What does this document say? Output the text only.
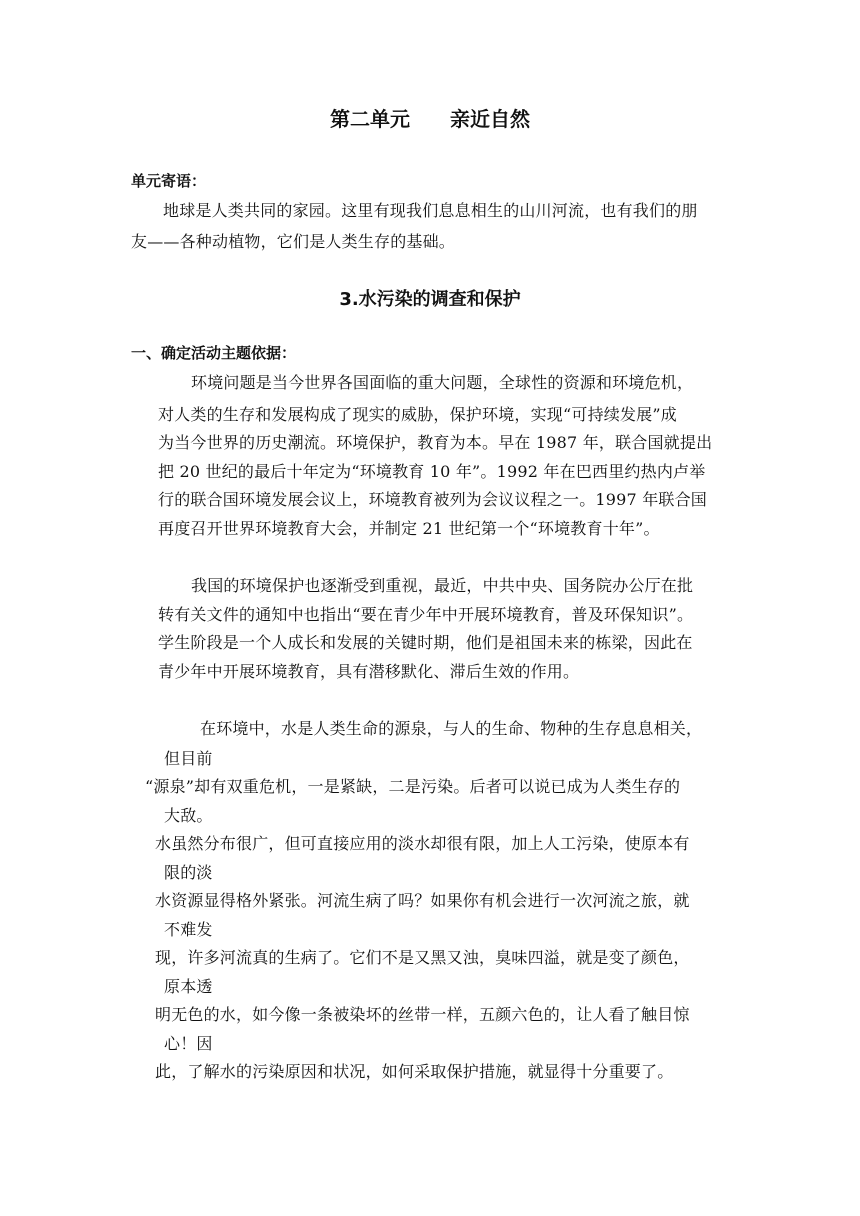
第二单元 亲近自然
单元寄语：
地球是人类共同的家园。这里有现我们息息相生的山川河流，也有我们的朋
友——各种动植物，它们是人类生存的基础。
3.水污染的调查和保护
一、确定活动主题依据：
环境问题是当今世界各国面临的重大问题，全球性的资源和环境危机，
对人类的生存和发展构成了现实的威胁，保护环境，实现“可持续发展”成
为当今世界的历史潮流。环境保护，教育为本。早在 1987 年，联合国就提出
把 20 世纪的最后十年定为“环境教育 10 年”。1992 年在巴西里约热内卢举
行的联合国环境发展会议上，环境教育被列为会议议程之一。1997 年联合国
再度召开世界环境教育大会，并制定 21 世纪第一个“环境教育十年”。
我国的环境保护也逐渐受到重视，最近，中共中央、国务院办公厅在批
转有关文件的通知中也指出“要在青少年中开展环境教育，普及环保知识”。
学生阶段是一个人成长和发展的关键时期，他们是祖国未来的栋梁，因此在
青少年中开展环境教育，具有潜移默化、滞后生效的作用。
在环境中，水是人类生命的源泉，与人的生命、物种的生存息息相关，
但目前
“源泉”却有双重危机，一是紧缺，二是污染。后者可以说已成为人类生存的
大敌。
水虽然分布很广，但可直接应用的淡水却很有限，加上人工污染，使原本有
限的淡
水资源显得格外紧张。河流生病了吗？如果你有机会进行一次河流之旅，就
不难发
现，许多河流真的生病了。它们不是又黑又浊，臭味四溢，就是变了颜色，
原本透
明无色的水，如今像一条被染坏的丝带一样，五颜六色的，让人看了触目惊
心！因
此，了解水的污染原因和状况，如何采取保护措施，就显得十分重要了。
